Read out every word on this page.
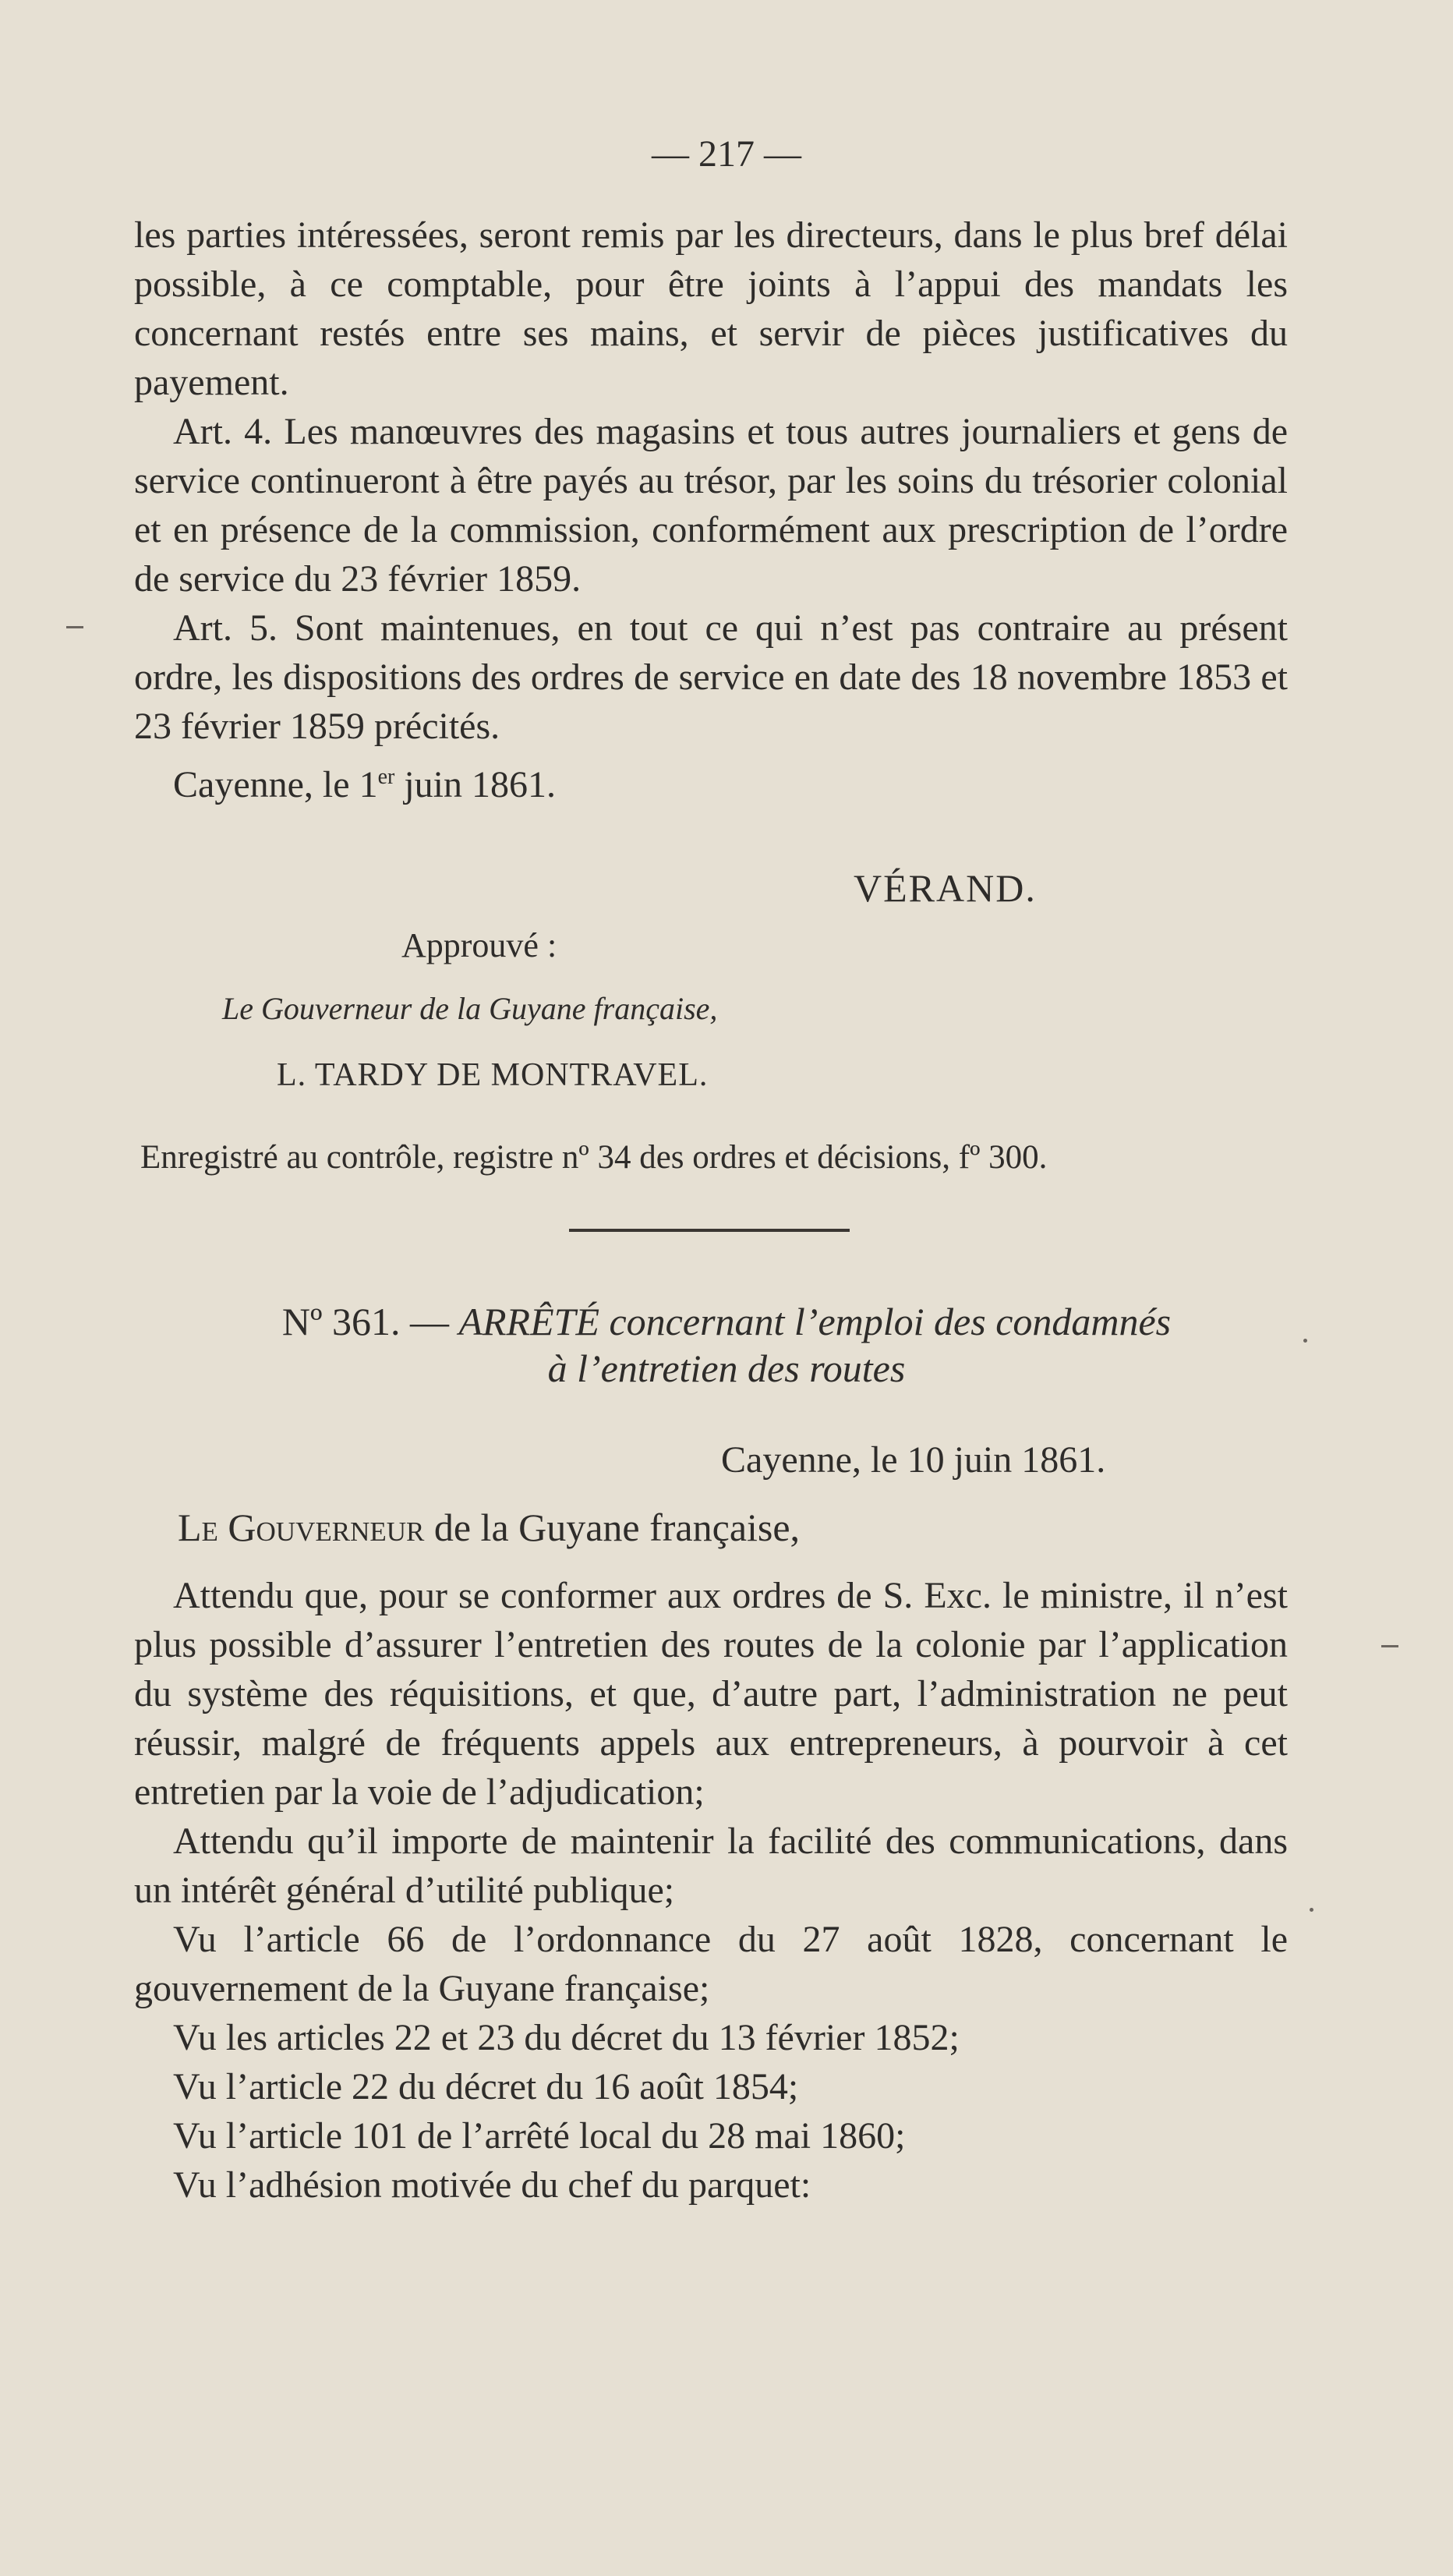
— 217 —

les parties intéressées, seront remis par les directeurs, dans le plus bref délai possible, à ce comptable, pour être joints à l’appui des mandats les concernant restés entre ses mains, et servir de pièces justificatives du payement.

Art. 4. Les manœuvres des magasins et tous autres journaliers et gens de service continueront à être payés au trésor, par les soins du trésorier colonial et en présence de la commission, conformément aux prescription de l’ordre de service du 23 février 1859.

Art. 5. Sont maintenues, en tout ce qui n’est pas contraire au présent ordre, les dispositions des ordres de service en date des 18 novembre 1853 et 23 février 1859 précités.

Cayenne, le 1er juin 1861.

VÉRAND.
Approuvé :
Le Gouverneur de la Guyane française,
L. TARDY DE MONTRAVEL.
Enregistré au contrôle, registre nº 34 des ordres et décisions, fº 300.
Nº 361. — ARRÊTÉ concernant l’emploi des condamnés
à l’entretien des routes
Cayenne, le 10 juin 1861.
Le Gouverneur de la Guyane française,

Attendu que, pour se conformer aux ordres de S. Exc. le ministre, il n’est plus possible d’assurer l’entretien des routes de la colonie par l’application du système des réquisitions, et que, d’autre part, l’administration ne peut réussir, malgré de fréquents appels aux entrepreneurs, à pourvoir à cet entretien par la voie de l’adjudication;

Attendu qu’il importe de maintenir la facilité des communications, dans un intérêt général d’utilité publique;

Vu l’article 66 de l’ordonnance du 27 août 1828, concernant le gouvernement de la Guyane française;

Vu les articles 22 et 23 du décret du 13 février 1852;

Vu l’article 22 du décret du 16 août 1854;

Vu l’article 101 de l’arrêté local du 28 mai 1860;

Vu l’adhésion motivée du chef du parquet:
